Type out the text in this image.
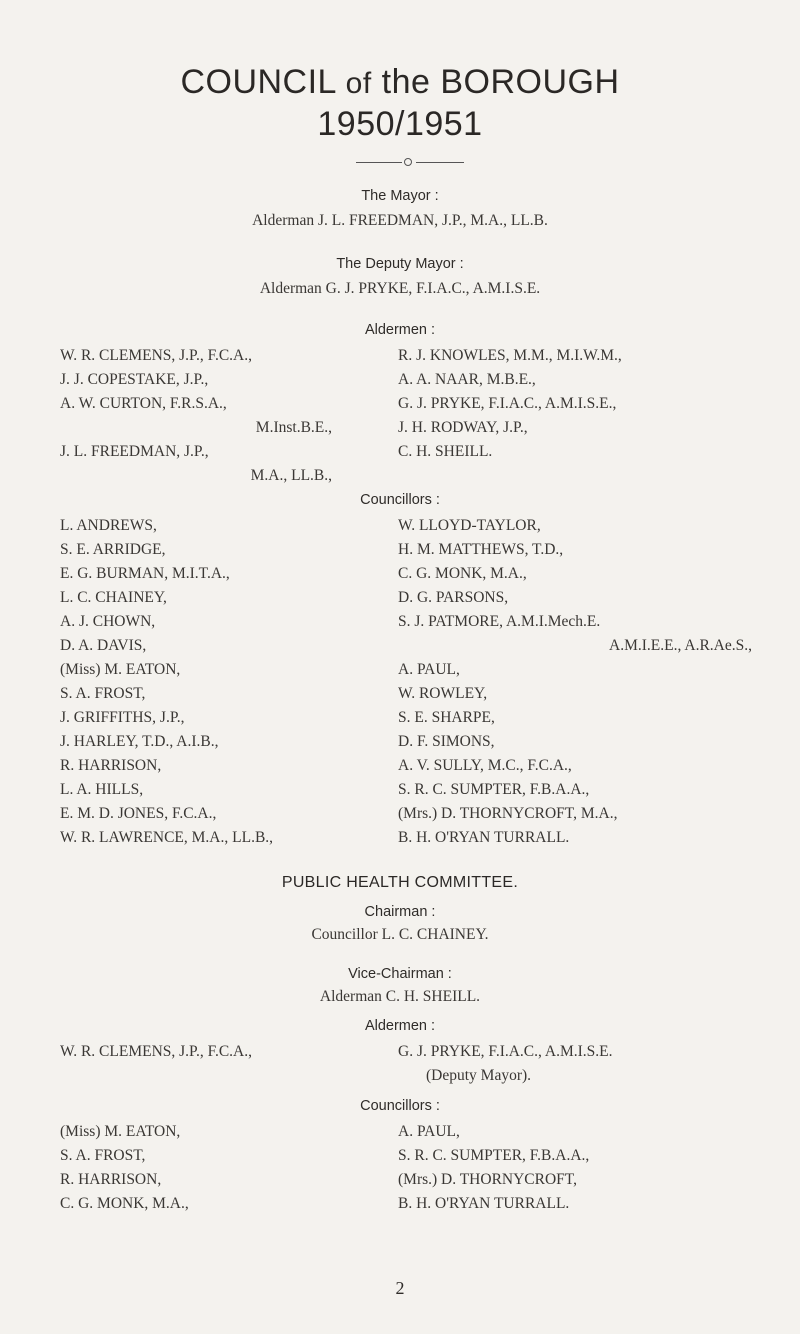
COUNCIL of the BOROUGH
1950/1951
The Mayor :
Alderman J. L. FREEDMAN, J.P., M.A., LL.B.
The Deputy Mayor :
Alderman G. J. PRYKE, F.I.A.C., A.M.I.S.E.
Aldermen :
W. R. CLEMENS, J.P., F.C.A.,
J. J. COPESTAKE, J.P.,
A. W. CURTON, F.R.S.A.,
M.Inst.B.E.,
J. L. FREEDMAN, J.P.,
M.A., LL.B.,
R. J. KNOWLES, M.M., M.I.W.M.,
A. A. NAAR, M.B.E.,
G. J. PRYKE, F.I.A.C., A.M.I.S.E.,
J. H. RODWAY, J.P.,
C. H. SHEILL.
Councillors :
L. ANDREWS,
S. E. ARRIDGE,
E. G. BURMAN, M.I.T.A.,
L. C. CHAINEY,
A. J. CHOWN,
D. A. DAVIS,
(Miss) M. EATON,
S. A. FROST,
J. GRIFFITHS, J.P.,
J. HARLEY, T.D., A.I.B.,
R. HARRISON,
L. A. HILLS,
E. M. D. JONES, F.C.A.,
W. R. LAWRENCE, M.A., LL.B.,
W. LLOYD-TAYLOR,
H. M. MATTHEWS, T.D.,
C. G. MONK, M.A.,
D. G. PARSONS,
S. J. PATMORE, A.M.I.Mech.E.
A.M.I.E.E., A.R.Ae.S.,
A. PAUL,
W. ROWLEY,
S. E. SHARPE,
D. F. SIMONS,
A. V. SULLY, M.C., F.C.A.,
S. R. C. SUMPTER, F.B.A.A.,
(Mrs.) D. THORNYCROFT, M.A.,
B. H. O'RYAN TURRALL.
PUBLIC HEALTH COMMITTEE.
Chairman :
Councillor L. C. CHAINEY.
Vice-Chairman :
Alderman C. H. SHEILL.
Aldermen :
W. R. CLEMENS, J.P., F.C.A.,	G. J. PRYKE, F.I.A.C., A.M.I.S.E.
(Deputy Mayor).
Councillors :
(Miss) M. EATON,
S. A. FROST,
R. HARRISON,
C. G. MONK, M.A.,
A. PAUL,
S. R. C. SUMPTER, F.B.A.A.,
(Mrs.) D. THORNYCROFT,
B. H. O'RYAN TURRALL.
2
